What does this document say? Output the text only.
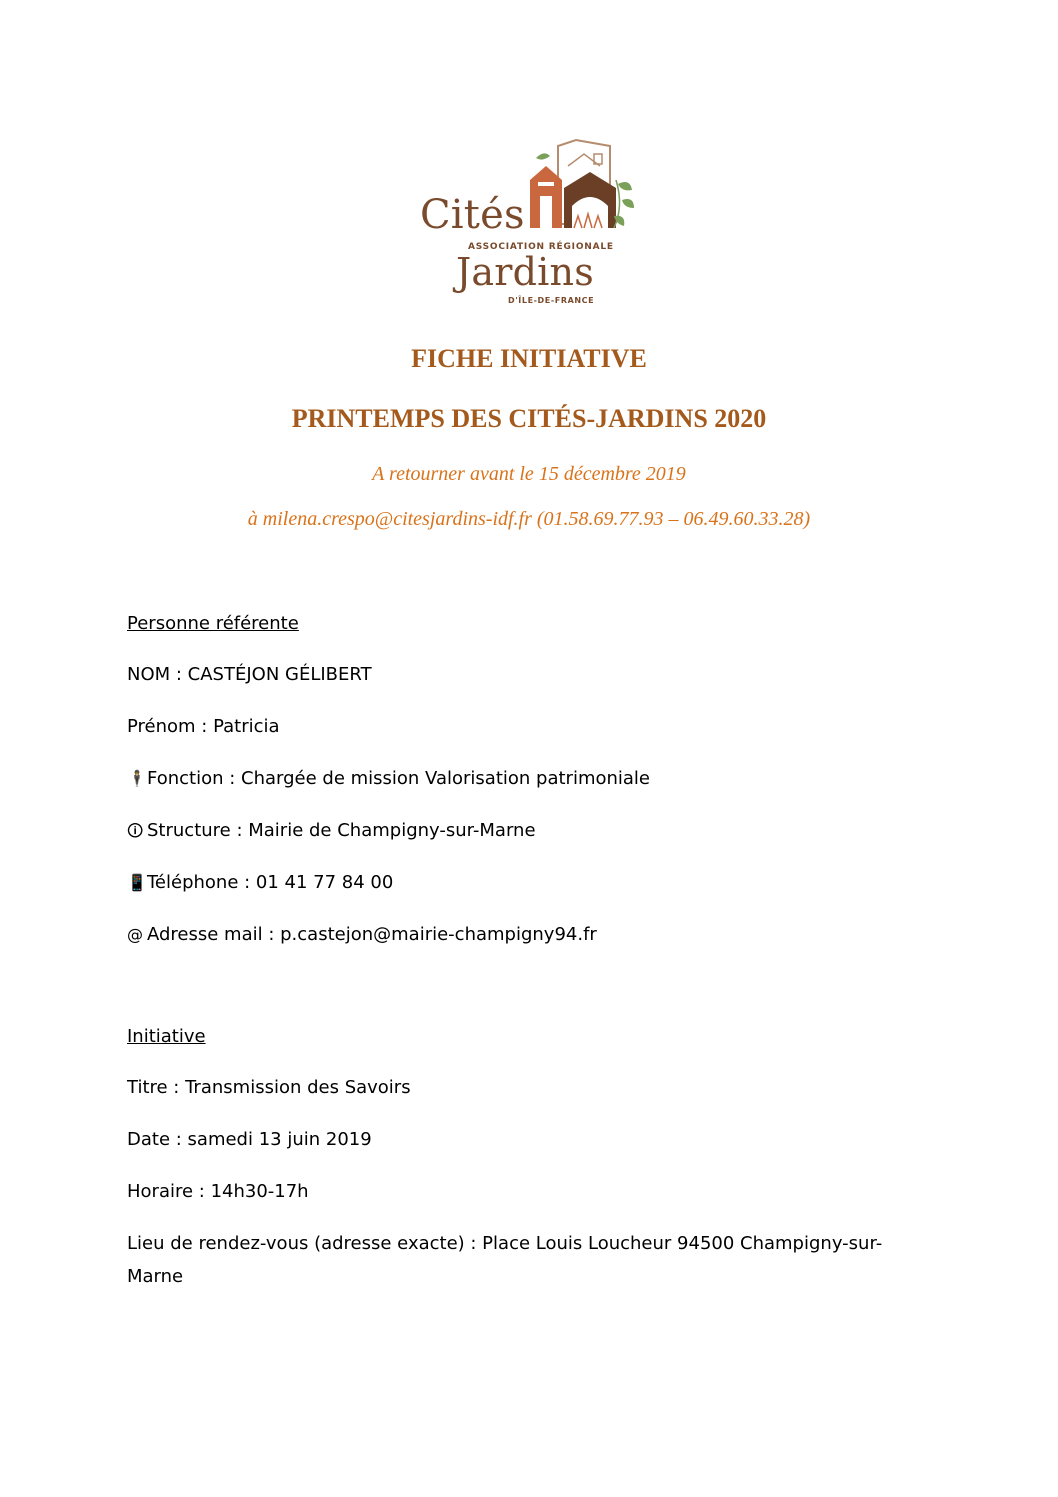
Cités
ASSOCIATION RÉGIONALE
Jardins
D'ÎLE-DE-FRANCE
FICHE INITIATIVE
PRINTEMPS DES CITÉS-JARDINS 2020
A retourner avant le 15 décembre 2019
à milena.crespo@citesjardins-idf.fr (01.58.69.77.93 – 06.49.60.33.28)
Personne référente
NOM : CASTÉJON GÉLIBERT
Prénom : Patricia
🕴Fonction : Chargée de mission Valorisation patrimoniale
🛈 Structure : Mairie de Champigny-sur-Marne
📱Téléphone : 01 41 77 84 00
@ Adresse mail : p.castejon@mairie-champigny94.fr
Initiative
Titre : Transmission des Savoirs
Date : samedi 13 juin 2019
Horaire : 14h30-17h
Lieu de rendez-vous (adresse exacte) : Place Louis Loucheur 94500 Champigny-sur-
Marne
